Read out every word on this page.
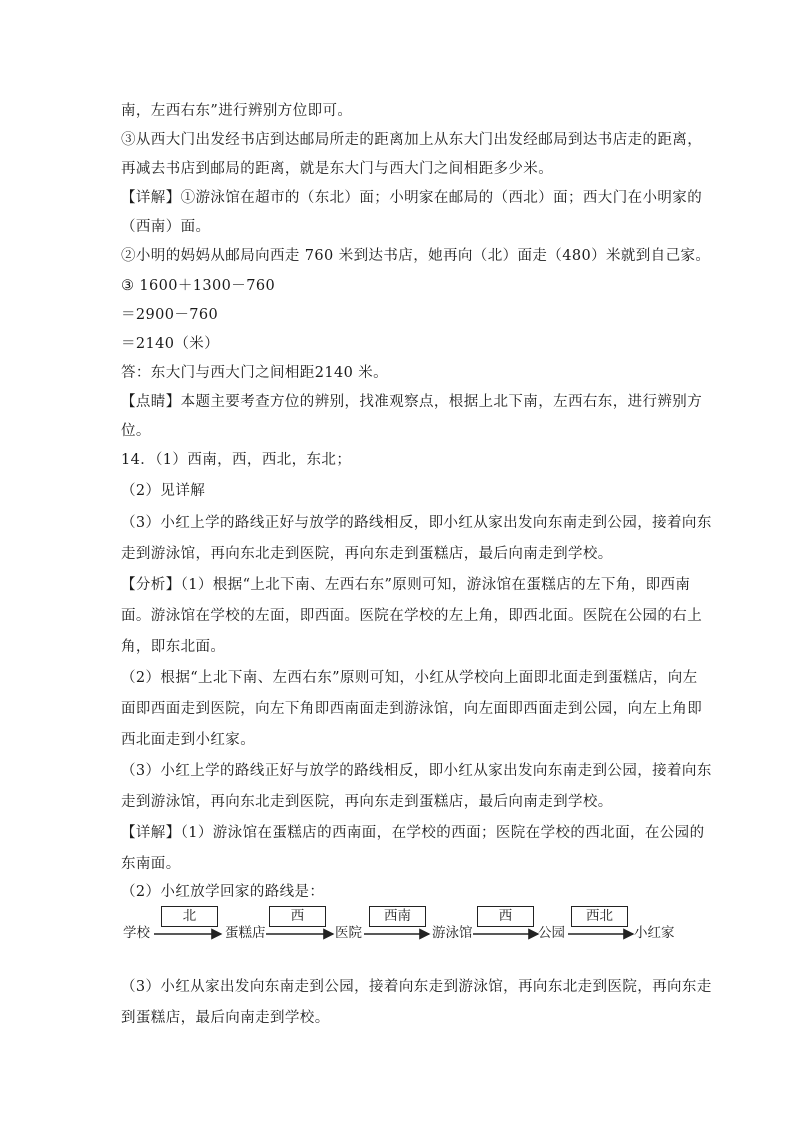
南，左西右东”进行辨别方位即可。
③从西大门出发经书店到达邮局所走的距离加上从东大门出发经邮局到达书店走的距离，
再减去书店到邮局的距离，就是东大门与西大门之间相距多少米。
【详解】①游泳馆在超市的（东北）面；小明家在邮局的（西北）面；西大门在小明家的
（西南）面。
②小明的妈妈从邮局向西走 760 米到达书店，她再向（北）面走（480）米就到自己家。
③ 1600＋1300－760
＝2900－760
＝2140（米）
答：东大门与西大门之间相距2140 米。
【点睛】本题主要考查方位的辨别，找准观察点，根据上北下南，左西右东，进行辨别方
位。
14．（1）西南，西，西北，东北；
（2）见详解
（3）小红上学的路线正好与放学的路线相反，即小红从家出发向东南走到公园，接着向东
走到游泳馆，再向东北走到医院，再向东走到蛋糕店，最后向南走到学校。
【分析】（1）根据“上北下南、左西右东”原则可知，游泳馆在蛋糕店的左下角，即西南
面。游泳馆在学校的左面，即西面。医院在学校的左上角，即西北面。医院在公园的右上
角，即东北面。
（2）根据“上北下南、左西右东”原则可知，小红从学校向上面即北面走到蛋糕店，向左
面即西面走到医院，向左下角即西南面走到游泳馆，向左面即西面走到公园，向左上角即
西北面走到小红家。
（3）小红上学的路线正好与放学的路线相反，即小红从家出发向东南走到公园，接着向东
走到游泳馆，再向东北走到医院，再向东走到蛋糕店，最后向南走到学校。
【详解】（1）游泳馆在蛋糕店的西南面，在学校的西面；医院在学校的西北面，在公园的
东南面。
（2）小红放学回家的路线是：
学校	蛋糕店	医院	游泳馆	公园	小红家
北	西	西南	西	西北
（3）小红从家出发向东南走到公园，接着向东走到游泳馆，再向东北走到医院，再向东走
到蛋糕店，最后向南走到学校。
